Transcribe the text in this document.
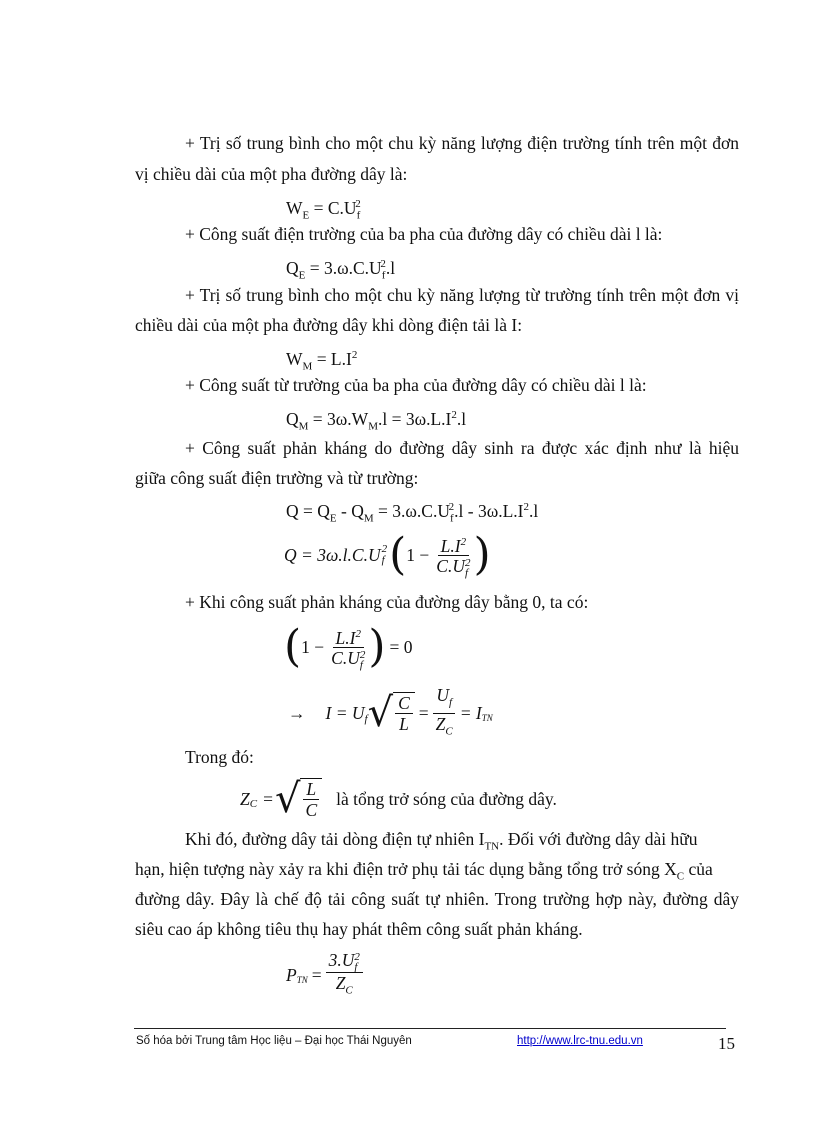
+ Trị số trung bình cho một chu kỳ năng lượng điện trường tính trên một đơn
vị chiều dài của một pha đường dây là:
$W_E = C.U_f^2$
+ Công suất điện trường của ba pha của đường dây có chiều dài l là:
$Q_E = 3.\omega.C.U_f^2.l$
+ Trị số trung bình cho một chu kỳ năng lượng từ trường tính trên một đơn vị
chiều dài của một pha đường dây khi dòng điện tải là I:
$W_M = L.I^2$
+ Công suất từ trường của ba pha của đường dây có chiều dài l là:
$Q_M = 3\omega.W_M.l = 3\omega.L.I^2.l$
+ Công suất phản kháng do đường dây sinh ra được xác định như là hiệu
giữa công suất điện trường và từ trường:
$Q = Q_E - Q_M = 3.\omega.C.U_f^2.l - 3\omega.L.I^2.l$
Q = 3ω.l.C.U 2
f ( $1 - L.I^2$
C.U 2
f )
+ Khi công suất phản kháng của đường dây bằng 0, ta có:
( $1 - L.I^2$
C.U 2
f ) = 0
→ $I = U_f$ √ $\frac{C}{L} = \frac{U_f}{Z_C} = I_{TN}$
Trong đó:
$Z_C$ = √ $\frac{L}{C}$ là tổng trở sóng của đường dây.
Khi đó, đường dây tải dòng điện tự nhiên $I_{TN}$. Đối với đường dây dài hữu
hạn, hiện tượng này xảy ra khi điện trở phụ tải tác dụng bằng tổng trở sóng $X_C$ của
đường dây. Đây là chế độ tải công suất tự nhiên. Trong trường hợp này, đường dây
siêu cao áp không tiêu thụ hay phát thêm công suất phản kháng.
$P_{TN} = 3.U$ 2
f
$Z_C$
Số hóa bởi Trung tâm Học liệu – Đại học Thái Nguyên	http://www.lrc-tnu.edu.vn	15
